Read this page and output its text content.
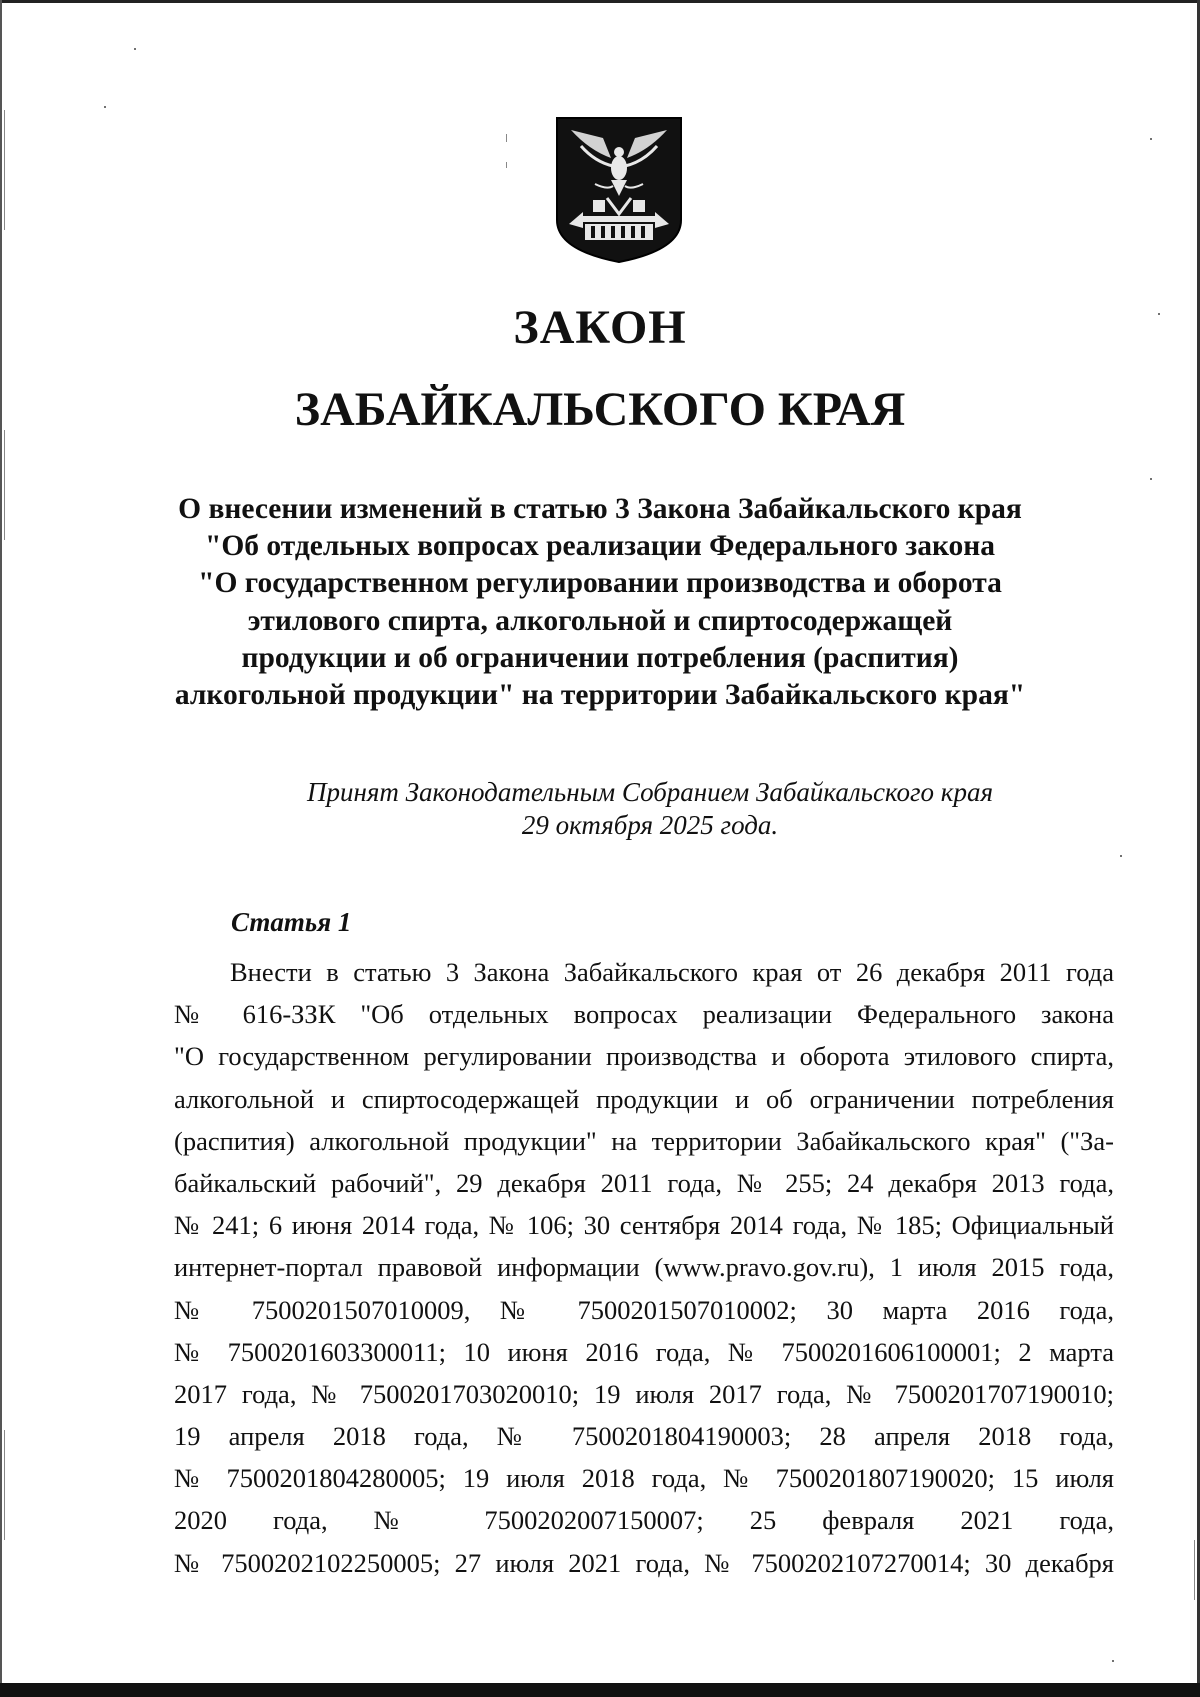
ЗАКОН
ЗАБАЙКАЛЬСКОГО КРАЯ
О внесении изменений в статью 3 Закона Забайкальского края
"Об отдельных вопросах реализации Федерального закона
"О государственном регулировании производства и оборота
этилового спирта, алкогольной и спиртосодержащей
продукции и об ограничении потребления (распития)
алкогольной продукции" на территории Забайкальского края"
Принят Законодательным Собранием Забайкальского края
29 октября 2025 года.
Статья 1
Внести в статью 3 Закона Забайкальского края от 26 декабря 2011 года
№ 616-ЗЗК "Об отдельных вопросах реализации Федерального закона
"О государственном регулировании производства и оборота этилового спирта,
алкогольной и спиртосодержащей продукции и об ограничении потребления
(распития) алкогольной продукции" на территории Забайкальского края" ("За-
байкальский рабочий", 29 декабря 2011 года, № 255; 24 декабря 2013 года,
№ 241; 6 июня 2014 года, № 106; 30 сентября 2014 года, № 185; Официальный
интернет-портал правовой информации (www.pravo.gov.ru), 1 июля 2015 года,
№ 7500201507010009, № 7500201507010002; 30 марта 2016 года,
№ 7500201603300011; 10 июня 2016 года, № 7500201606100001; 2 марта
2017 года, № 7500201703020010; 19 июля 2017 года, № 7500201707190010;
19 апреля 2018 года, № 7500201804190003; 28 апреля 2018 года,
№ 7500201804280005; 19 июля 2018 года, № 7500201807190020; 15 июля
2020 года, № 7500202007150007; 25 февраля 2021 года,
№ 7500202102250005; 27 июля 2021 года, № 7500202107270014; 30 декабря
